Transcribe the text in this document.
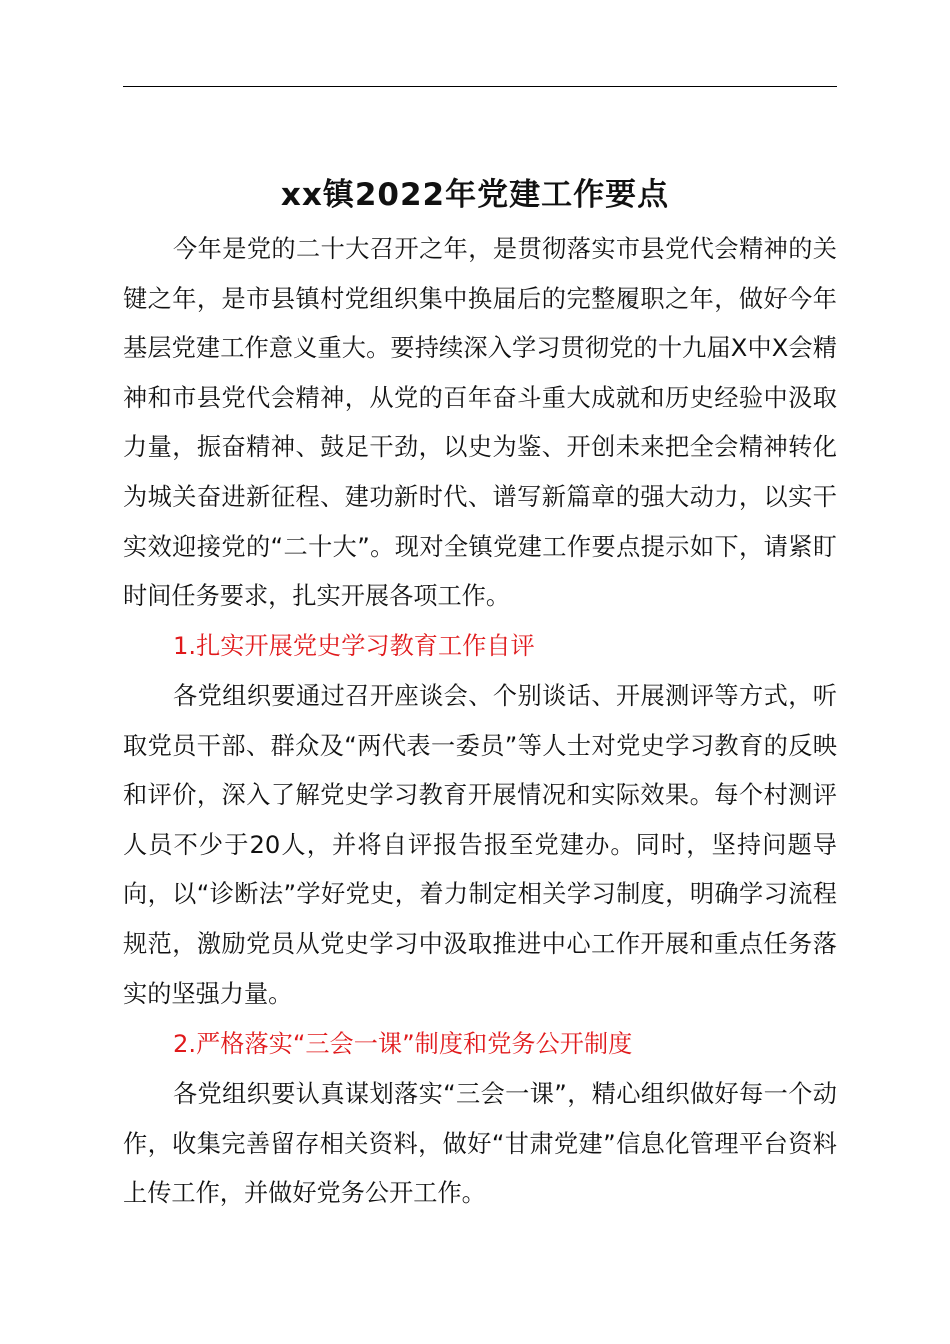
xx镇2022年党建工作要点

今年是党的二十大召开之年，是贯彻落实市县党代会精神的关键之年，是市县镇村党组织集中换届后的完整履职之年，做好今年基层党建工作意义重大。要持续深入学习贯彻党的十九届X中X会精神和市县党代会精神，从党的百年奋斗重大成就和历史经验中汲取力量，振奋精神、鼓足干劲，以史为鉴、开创未来把全会精神转化为城关奋进新征程、建功新时代、谱写新篇章的强大动力，以实干实效迎接党的“二十大”。现对全镇党建工作要点提示如下，请紧盯时间任务要求，扎实开展各项工作。

1.扎实开展党史学习教育工作自评

各党组织要通过召开座谈会、个别谈话、开展测评等方式，听取党员干部、群众及“两代表一委员”等人士对党史学习教育的反映和评价，深入了解党史学习教育开展情况和实际效果。每个村测评人员不少于20人，并将自评报告报至党建办。同时，坚持问题导向，以“诊断法”学好党史，着力制定相关学习制度，明确学习流程规范，激励党员从党史学习中汲取推进中心工作开展和重点任务落实的坚强力量。

2.严格落实“三会一课”制度和党务公开制度

各党组织要认真谋划落实“三会一课”，精心组织做好每一个动作，收集完善留存相关资料，做好“甘肃党建”信息化管理平台资料上传工作，并做好党务公开工作。
